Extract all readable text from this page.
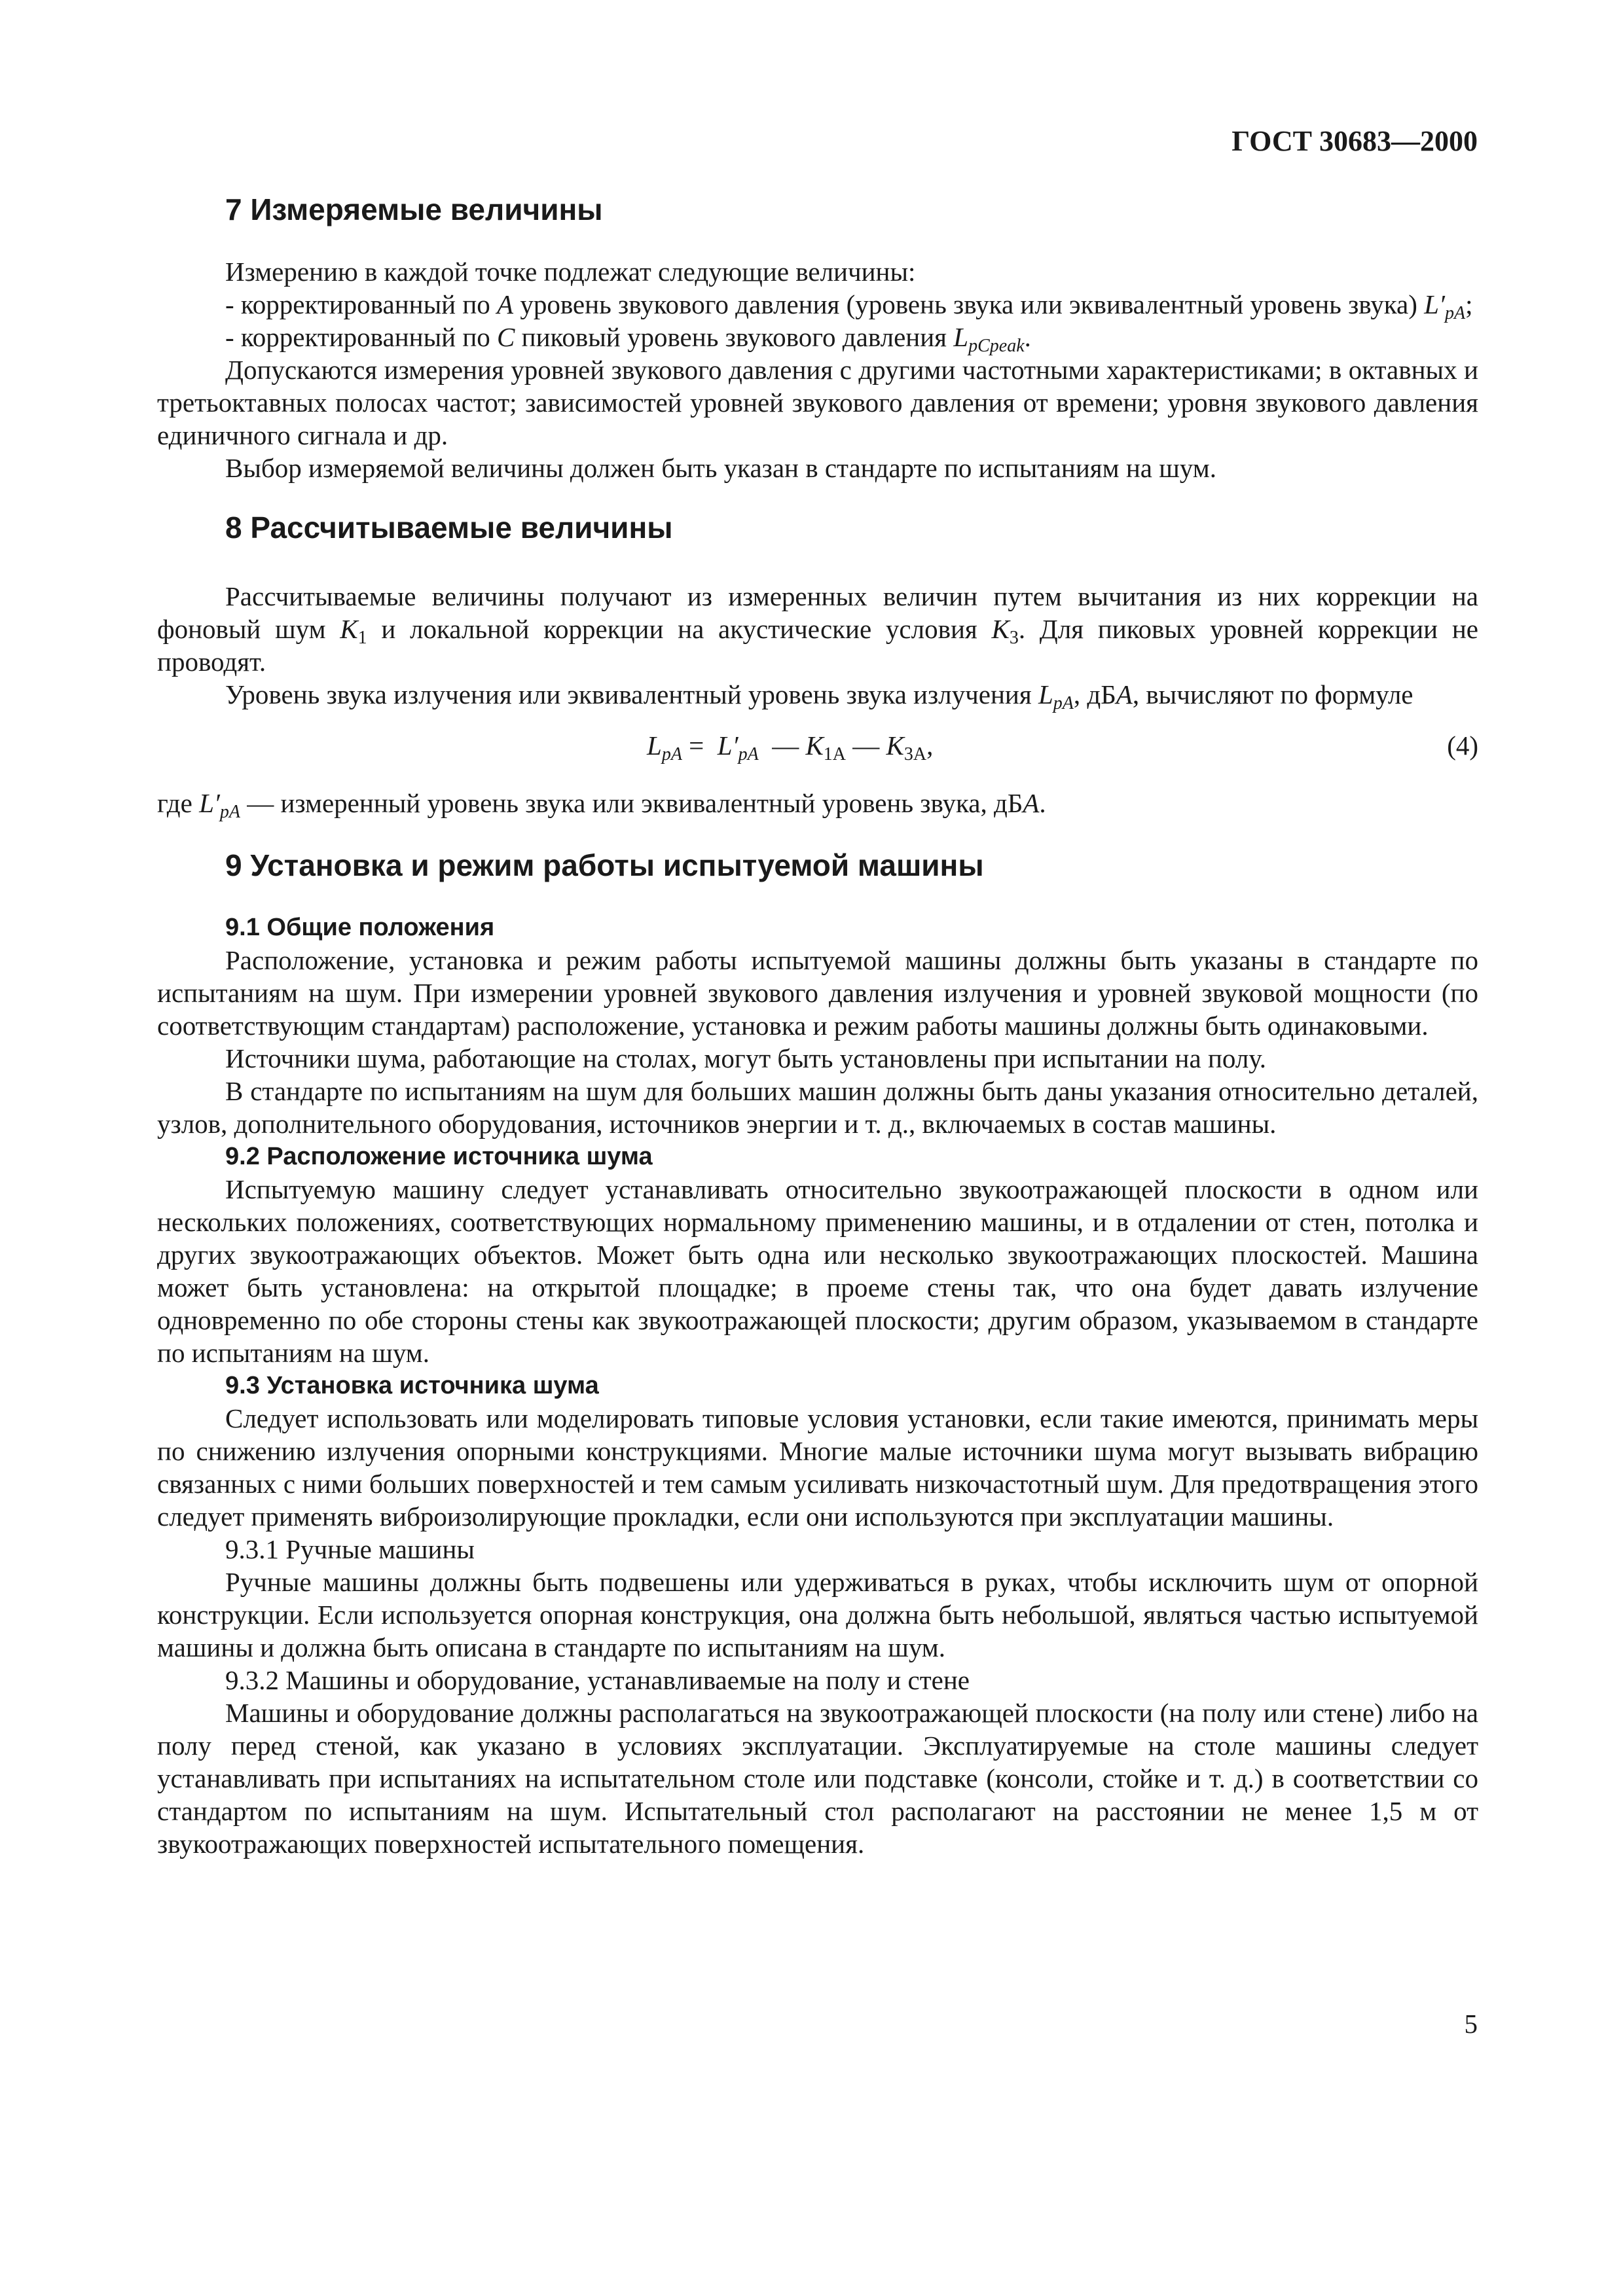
ГОСТ 30683—2000
7 Измеряемые величины

Измерению в каждой точке подлежат следующие величины:

- корректированный по A уровень звукового давления (уровень звука или эквивалентный уровень звука) $L'_{pA}$;

- корректированный по C пиковый уровень звукового давления $L_{pCpeak}$.

Допускаются измерения уровней звукового давления с другими частотными характеристиками; в октавных и третьоктавных полосах частот; зависимостей уровней звукового давления от времени; уровня звукового давления единичного сигнала и др.

Выбор измеряемой величины должен быть указан в стандарте по испытаниям на шум.

8 Рассчитываемые величины

Рассчитываемые величины получают из измеренных величин путем вычитания из них коррекции на фоновый шум $K_1$ и локальной коррекции на акустические условия $K_3$. Для пиковых уровней коррекции не проводят.

Уровень звука излучения или эквивалентный уровень звука излучения $L_{pA}$, дБA, вычисляют по формуле

$L_{pA} = L'_{pA}$  — $K_{1A}$ — $K_{3A}$,	(4)

где $L'_{pA}$ — измеренный уровень звука или эквивалентный уровень звука, дБA.

9 Установка и режим работы испытуемой машины
9.1 Общие положения

Расположение, установка и режим работы испытуемой машины должны быть указаны в стандарте по испытаниям на шум. При измерении уровней звукового давления излучения и уровней звуковой мощности (по соответствующим стандартам) расположение, установка и режим работы машины должны быть одинаковыми.

Источники шума, работающие на столах, могут быть установлены при испытании на полу.

В стандарте по испытаниям на шум для больших машин должны быть даны указания относительно деталей, узлов, дополнительного оборудования, источников энергии и т. д., включаемых в состав машины.

9.2 Расположение источника шума

Испытуемую машину следует устанавливать относительно звукоотражающей плоскости в одном или нескольких положениях, соответствующих нормальному применению машины, и в отдалении от стен, потолка и других звукоотражающих объектов. Может быть одна или несколько звукоотражающих плоскостей. Машина может быть установлена: на открытой площадке; в проеме стены так, что она будет давать излучение одновременно по обе стороны стены как звукоотражающей плоскости; другим образом, указываемом в стандарте по испытаниям на шум.

9.3 Установка источника шума

Следует использовать или моделировать типовые условия установки, если такие имеются, принимать меры по снижению излучения опорными конструкциями. Многие малые источники шума могут вызывать вибрацию связанных с ними больших поверхностей и тем самым усиливать низкочастотный шум. Для предотвращения этого следует применять виброизолирующие прокладки, если они используются при эксплуатации машины.

9.3.1 Ручные машины

Ручные машины должны быть подвешены или удерживаться в руках, чтобы исключить шум от опорной конструкции. Если используется опорная конструкция, она должна быть небольшой, являться частью испытуемой машины и должна быть описана в стандарте по испытаниям на шум.

9.3.2 Машины и оборудование, устанавливаемые на полу и стене

Машины и оборудование должны располагаться на звукоотражающей плоскости (на полу или стене) либо на полу перед стеной, как указано в условиях эксплуатации. Эксплуатируемые на столе машины следует устанавливать при испытаниях на испытательном столе или подставке (консоли, стойке и т. д.) в соответствии со стандартом по испытаниям на шум. Испытательный стол располагают на расстоянии не менее 1,5 м от звукоотражающих поверхностей испытательного помещения.

5
